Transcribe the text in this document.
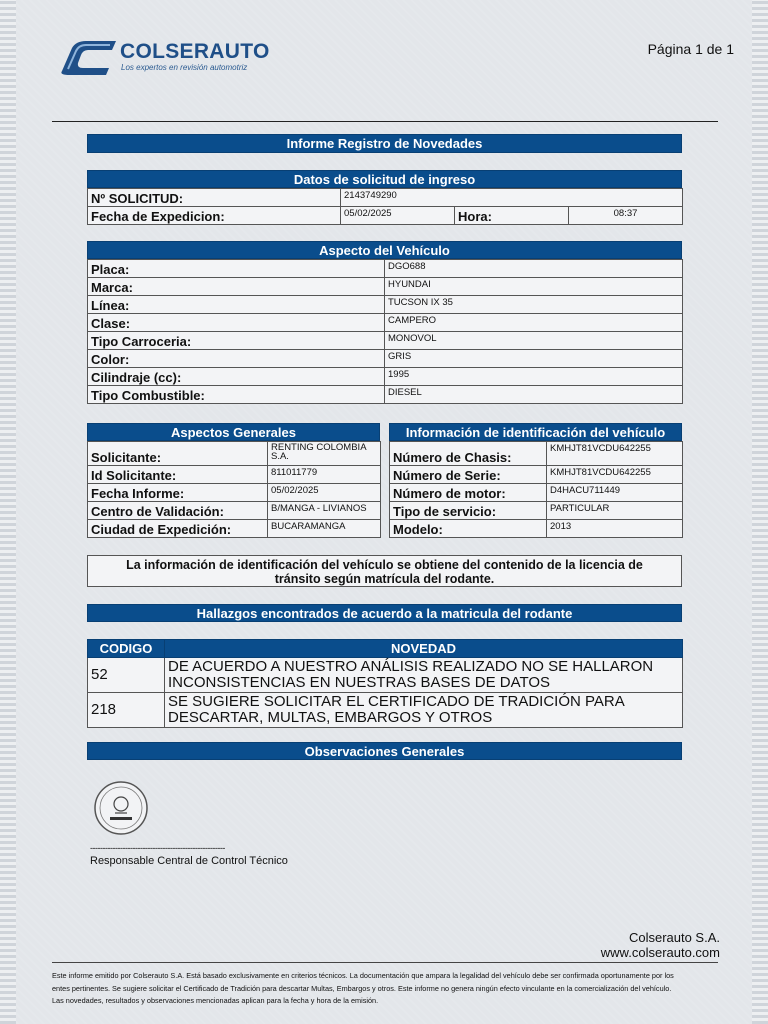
COLSERAUTO
Los expertos en revisión automotriz
Página 1 de 1
Informe Registro de Novedades
Datos de solicitud de ingreso
Nº SOLICITUD:	2143749290		
Fecha de Expedicion:	05/02/2025	Hora:	08:37
Aspecto del Vehículo
Placa:	DGO688
Marca:	HYUNDAI
Línea:	TUCSON IX 35
Clase:	CAMPERO
Tipo Carroceria:	MONOVOL
Color:	GRIS
Cilindraje (cc):	1995
Tipo Combustible:	DIESEL
Aspectos Generales
Solicitante:	RENTING COLOMBIA
S.A.
Id Solicitante:	811011779
Fecha Informe:	05/02/2025
Centro de Validación:	B/MANGA - LIVIANOS
Ciudad de Expedición:	BUCARAMANGA
Información de identificación del vehículo
Número de Chasis:	KMHJT81VCDU642255
Número de Serie:	KMHJT81VCDU642255
Número de motor:	D4HACU711449
Tipo de servicio:	PARTICULAR
Modelo:	2013
La información de identificación del vehículo se obtiene del contenido de la licencia de
tránsito según matrícula del rodante.
Hallazgos encontrados de acuerdo a la matricula del rodante
CODIGO	NOVEDAD
52	DE ACUERDO A NUESTRO ANÁLISIS REALIZADO NO SE HALLARON
INCONSISTENCIAS EN NUESTRAS BASES DE DATOS
218	SE SUGIERE SOLICITAR EL CERTIFICADO DE TRADICIÓN PARA
DESCARTAR, MULTAS, EMBARGOS Y OTROS
Observaciones Generales
------------------------------------------------------
Responsable Central de Control Técnico
Colserauto S.A.
www.colserauto.com
Este informe emitido por Colserauto S.A. Está basado exclusivamente en criterios técnicos. La documentación que ampara la legalidad del vehículo debe ser confirmada oportunamente por los
entes pertinentes. Se sugiere solicitar el Certificado de Tradición para descartar Multas, Embargos y otros. Este informe no genera ningún efecto vinculante en la comercialización del vehículo.
Las novedades, resultados y observaciones mencionadas aplican para la fecha y hora de la emisión.
